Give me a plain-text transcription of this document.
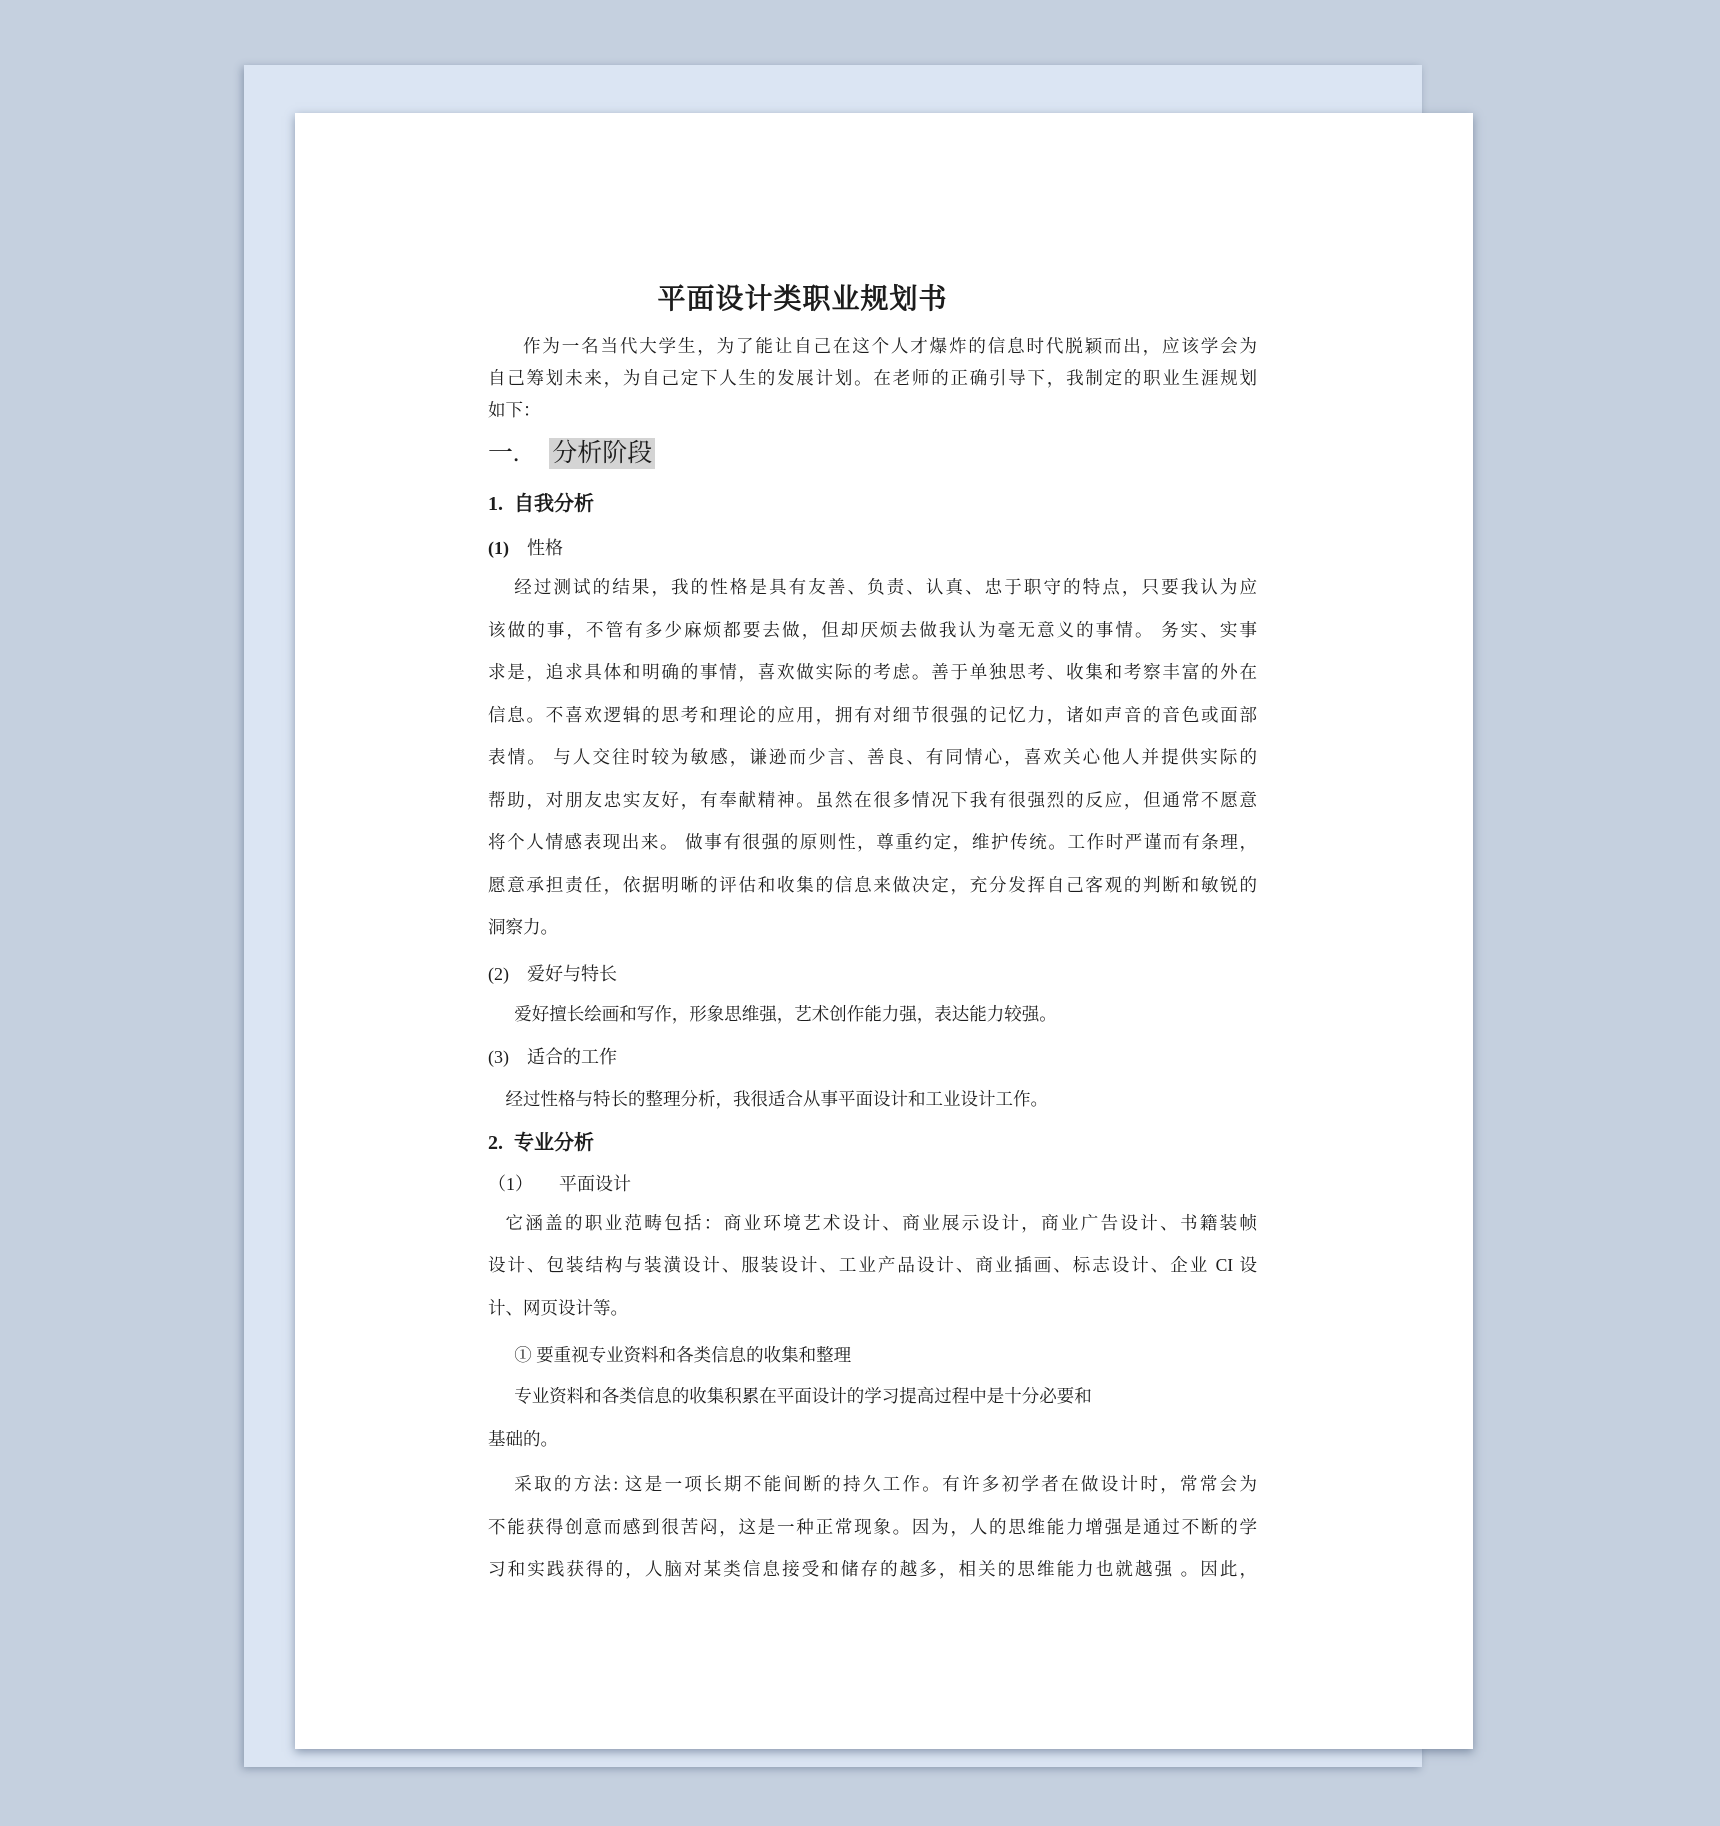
平面设计类职业规划书
作为一名当代大学生，为了能让自己在这个人才爆炸的信息时代脱颖而出，应该学会为
自己筹划未来，为自己定下人生的发展计划。在老师的正确引导下，我制定的职业生涯规划
如下：
一. 分析阶段
1. 自我分析
(1) 性格
经过测试的结果，我的性格是具有友善、负责、认真、忠于职守的特点，只要我认为应
该做的事，不管有多少麻烦都要去做，但却厌烦去做我认为毫无意义的事情。 务实、实事
求是，追求具体和明确的事情，喜欢做实际的考虑。善于单独思考、收集和考察丰富的外在
信息。不喜欢逻辑的思考和理论的应用，拥有对细节很强的记忆力，诸如声音的音色或面部
表情。 与人交往时较为敏感，谦逊而少言、善良、有同情心，喜欢关心他人并提供实际的
帮助，对朋友忠实友好，有奉献精神。虽然在很多情况下我有很强烈的反应，但通常不愿意
将个人情感表现出来。 做事有很强的原则性，尊重约定，维护传统。工作时严谨而有条理，
愿意承担责任，依据明晰的评估和收集的信息来做决定，充分发挥自己客观的判断和敏锐的
洞察力。
(2) 爱好与特长
爱好擅长绘画和写作，形象思维强，艺术创作能力强，表达能力较强。
(3) 适合的工作
经过性格与特长的整理分析，我很适合从事平面设计和工业设计工作。
2. 专业分析
（1） 平面设计
它涵盖的职业范畴包括：商业环境艺术设计、商业展示设计，商业广告设计、书籍装帧
设计、包装结构与装潢设计、服装设计、工业产品设计、商业插画、标志设计、企业 CI 设
计、网页设计等。
① 要重视专业资料和各类信息的收集和整理
专业资料和各类信息的收集积累在平面设计的学习提高过程中是十分必要和
基础的。
采取的方法: 这是一项长期不能间断的持久工作。有许多初学者在做设计时，常常会为
不能获得创意而感到很苦闷，这是一种正常现象。因为，人的思维能力增强是通过不断的学
习和实践获得的，人脑对某类信息接受和储存的越多，相关的思维能力也就越强 。因此，
